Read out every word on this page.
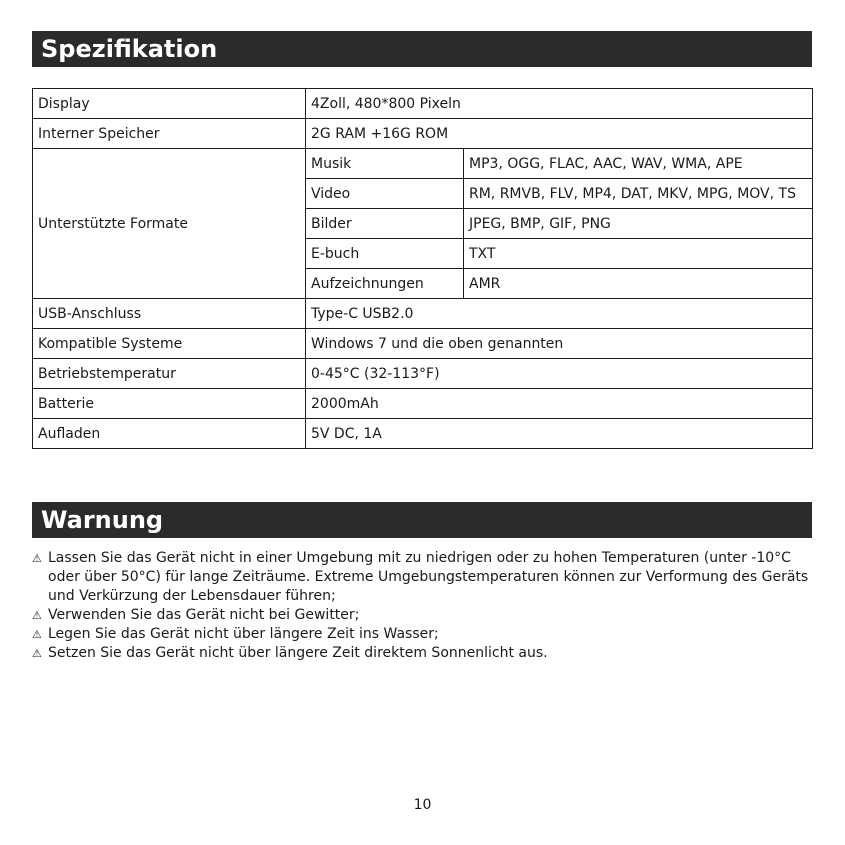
Spezifikation
Display	4Zoll, 480*800 Pixeln	
Interner Speicher	2G RAM +16G ROM	
Unterstützte Formate	Musik	MP3, OGG, FLAC, AAC, WAV, WMA, APE
	Video	RM, RMVB, FLV, MP4, DAT, MKV, MPG, MOV, TS
	Bilder	JPEG, BMP, GIF, PNG
	E-buch	TXT
	Aufzeichnungen	AMR
USB-Anschluss	Type-C USB2.0	
Kompatible Systeme	Windows 7 und die oben genannten	
Betriebstemperatur	0-45°C (32-113°F)	
Batterie	2000mAh	
Aufladen	5V DC, 1A	
Warnung
⚠ Lassen Sie das Gerät nicht in einer Umgebung mit zu niedrigen oder zu hohen Temperaturen (unter -10°C oder über 50°C) für lange Zeiträume. Extreme Umgebungstemperaturen können zur Verformung des Geräts und Verkürzung der Lebensdauer führen;
⚠ Verwenden Sie das Gerät nicht bei Gewitter;
⚠ Legen Sie das Gerät nicht über längere Zeit ins Wasser;
⚠ Setzen Sie das Gerät nicht über längere Zeit direktem Sonnenlicht aus.
10
